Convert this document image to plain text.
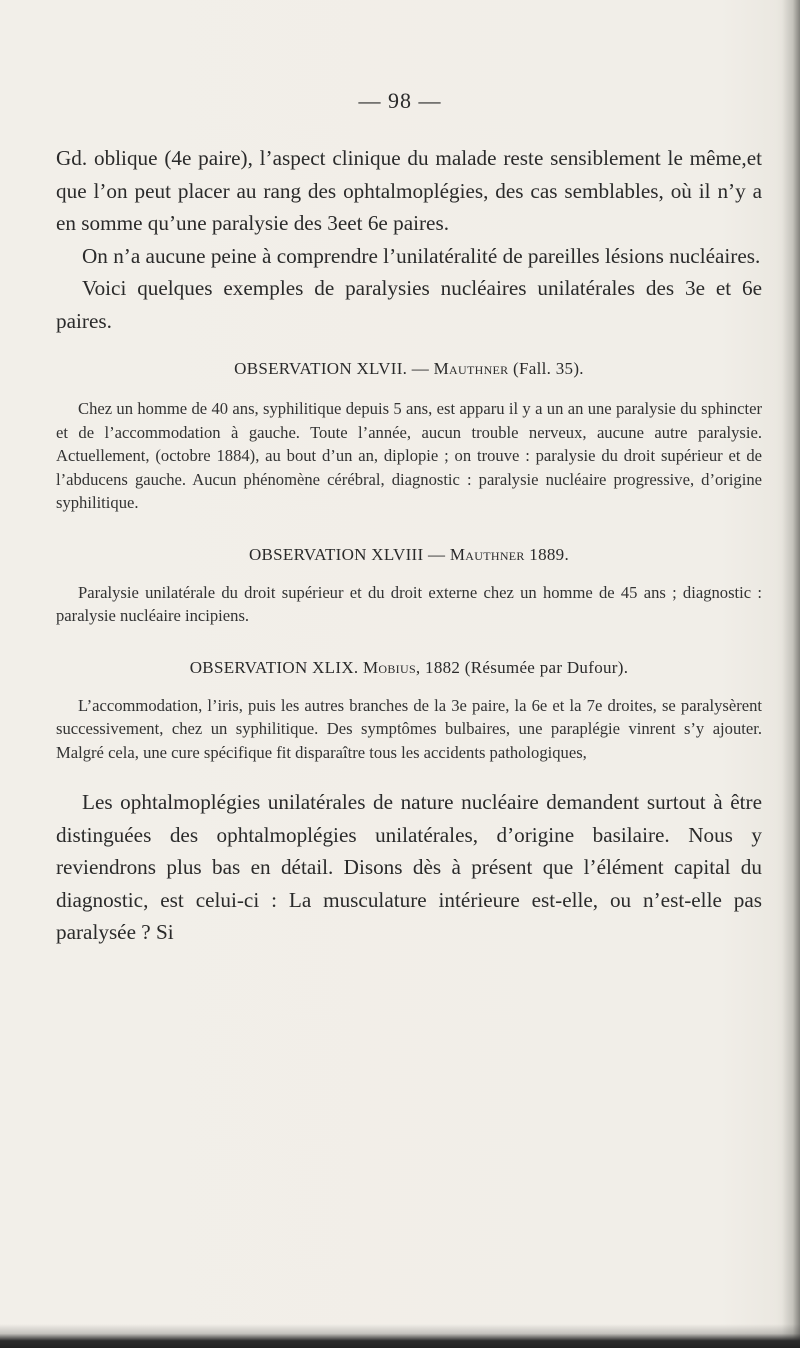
— 98 —

Gd. oblique (4e paire), l’aspect clinique du malade reste sensiblement le même,et que l’on peut placer au rang des ophtalmoplégies, des cas semblables, où il n’y a en somme qu’une paralysie des 3eet 6e paires.

On n’a aucune peine à comprendre l’unilatéralité de pareilles lésions nucléaires.

Voici quelques exemples de paralysies nucléaires unilatérales des 3e et 6e paires.

OBSERVATION XLVII. — Mauthner (Fall. 35).

Chez un homme de 40 ans, syphilitique depuis 5 ans, est apparu il y a un an une paralysie du sphincter et de l’accommodation à gauche. Toute l’année, aucun trouble nerveux, aucune autre paralysie. Actuellement, (octobre 1884), au bout d’un an, diplopie ; on trouve : paralysie du droit supérieur et de l’abducens gauche. Aucun phénomène cérébral, diagnostic : paralysie nucléaire progressive, d’origine syphilitique.

OBSERVATION XLVIII — Mauthner 1889.

Paralysie unilatérale du droit supérieur et du droit externe chez un homme de 45 ans ; diagnostic : paralysie nucléaire incipiens.

OBSERVATION XLIX. Mobius, 1882 (Résumée par Dufour).

L’accommodation, l’iris, puis les autres branches de la 3e paire, la 6e et la 7e droites, se paralysèrent successivement, chez un syphilitique. Des symptômes bulbaires, une paraplégie vinrent s’y ajouter. Malgré cela, une cure spécifique fit disparaître tous les accidents pathologiques,

Les ophtalmoplégies unilatérales de nature nucléaire demandent surtout à être distinguées des ophtalmoplégies unilatérales, d’origine basilaire. Nous y reviendrons plus bas en détail. Disons dès à présent que l’élément capital du diagnostic, est celui-ci : La musculature intérieure est-elle, ou n’est-elle pas paralysée ? Si
